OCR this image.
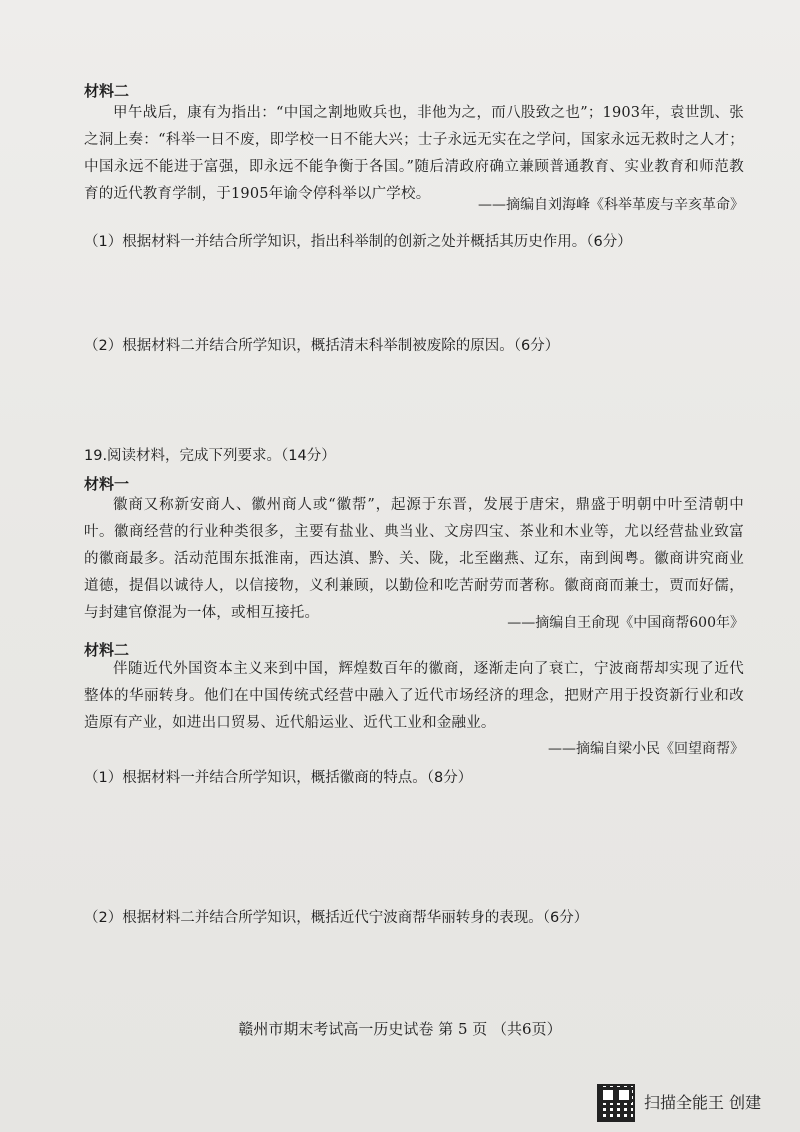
材料二
甲午战后，康有为指出：“中国之割地败兵也，非他为之，而八股致之也”；1903年，袁世凯、张之洞上奏：“科举一日不废，即学校一日不能大兴；士子永远无实在之学问，国家永远无救时之人才；中国永远不能进于富强，即永远不能争衡于各国。”随后清政府确立兼顾普通教育、实业教育和师范教育的近代教育学制，于1905年谕令停科举以广学校。
——摘编自刘海峰《科举革废与辛亥革命》
（1）根据材料一并结合所学知识，指出科举制的创新之处并概括其历史作用。（6分）
（2）根据材料二并结合所学知识，概括清末科举制被废除的原因。（6分）
19.阅读材料，完成下列要求。（14分）
材料一
徽商又称新安商人、徽州商人或“徽帮”，起源于东晋，发展于唐宋，鼎盛于明朝中叶至清朝中叶。徽商经营的行业种类很多，主要有盐业、典当业、文房四宝、茶业和木业等，尤以经营盐业致富的徽商最多。活动范围东抵淮南，西达滇、黔、关、陇，北至幽燕、辽东，南到闽粤。徽商讲究商业道德，提倡以诚待人，以信接物，义利兼顾，以勤俭和吃苦耐劳而著称。徽商商而兼士，贾而好儒，与封建官僚混为一体，或相互接托。
——摘编自王俞现《中国商帮600年》
材料二
伴随近代外国资本主义来到中国，辉煌数百年的徽商，逐渐走向了衰亡，宁波商帮却实现了近代整体的华丽转身。他们在中国传统式经营中融入了近代市场经济的理念，把财产用于投资新行业和改造原有产业，如进出口贸易、近代船运业、近代工业和金融业。
——摘编自梁小民《回望商帮》
（1）根据材料一并结合所学知识，概括徽商的特点。（8分）
（2）根据材料二并结合所学知识，概括近代宁波商帮华丽转身的表现。（6分）
赣州市期末考试高一历史试卷 第 5 页 （共6页）
扫描全能王 创建
